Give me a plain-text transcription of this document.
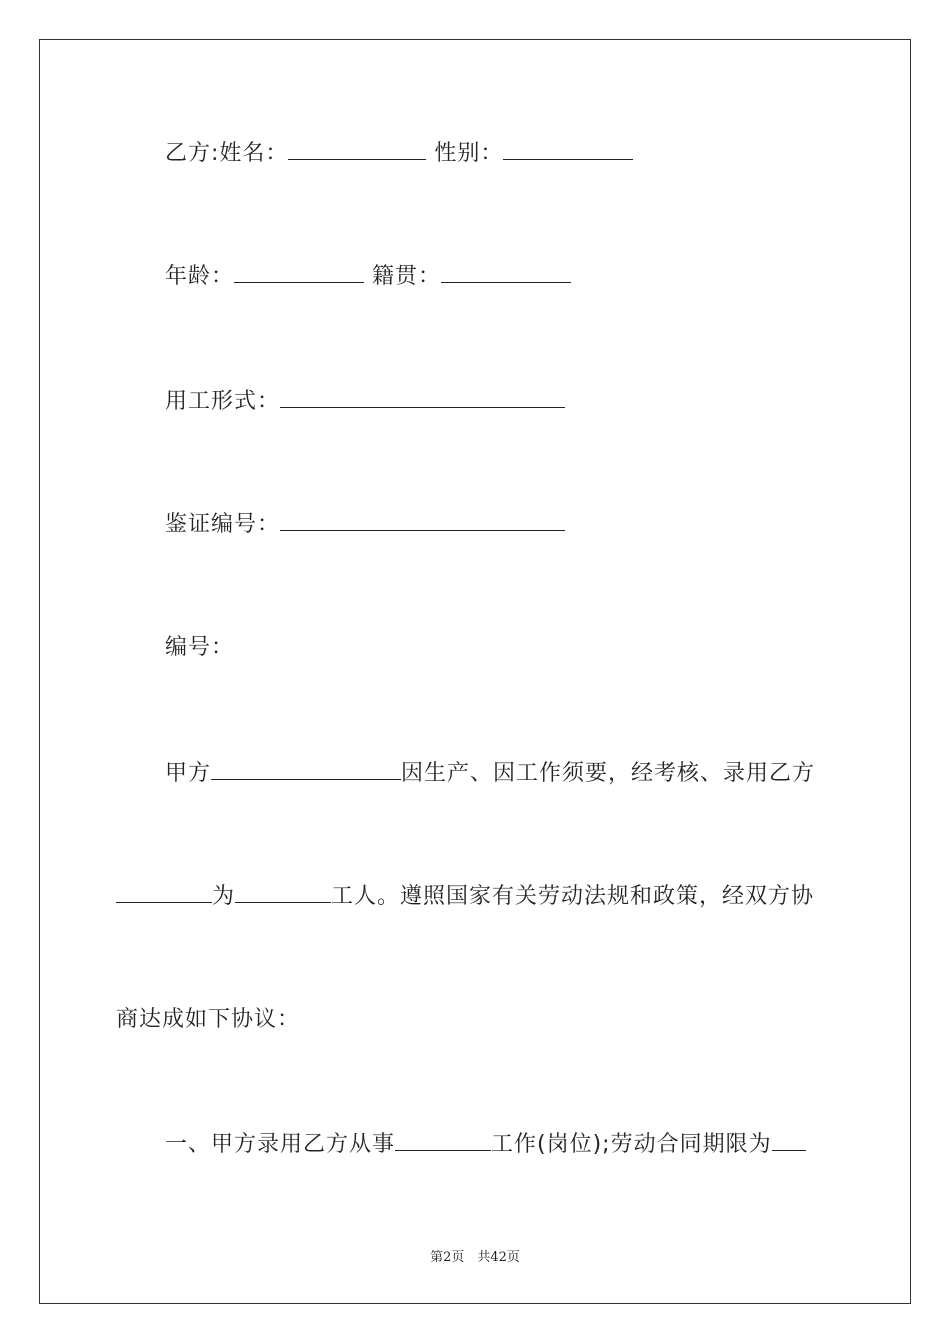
乙方:姓名：	性别：
年龄：	籍贯：
用工形式：
鉴证编号：
编号：
甲方	因生产、因工作须要，经考核、录用乙方
为	工人。遵照国家有关劳动法规和政策，经双方协
商达成如下协议：
一、甲方录用乙方从事	工作(岗位);劳动合同期限为
第2页　共42页
